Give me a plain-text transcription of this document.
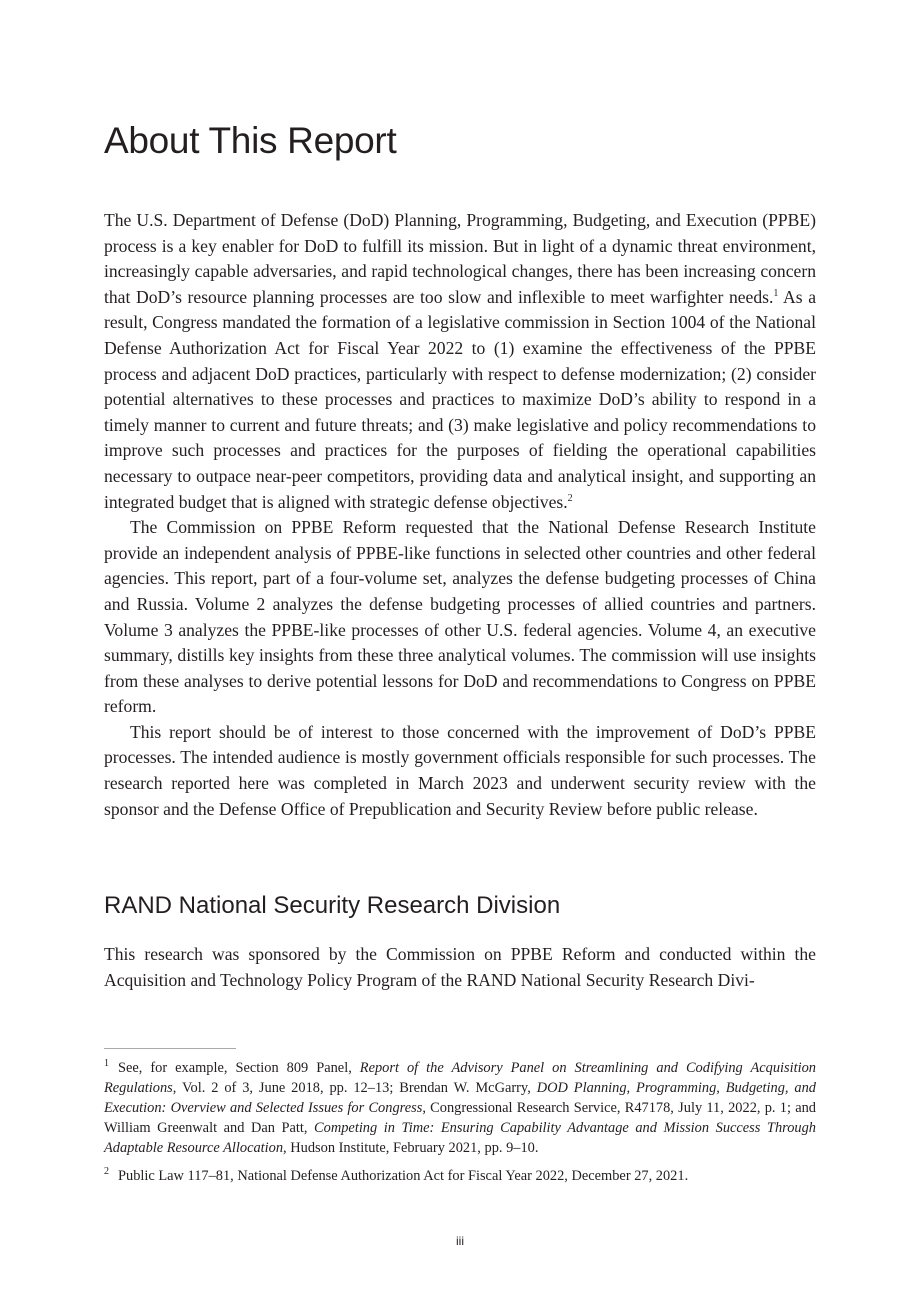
About This Report

The U.S. Department of Defense (DoD) Planning, Programming, Budgeting, and Execution (PPBE) process is a key enabler for DoD to fulfill its mission. But in light of a dynamic threat environment, increasingly capable adversaries, and rapid technological changes, there has been increasing concern that DoD’s resource planning processes are too slow and inflexible to meet warfighter needs.$^1$ As a result, Congress mandated the formation of a legislative commission in Section 1004 of the National Defense Authorization Act for Fiscal Year 2022 to (1) examine the effectiveness of the PPBE process and adjacent DoD practices, particularly with respect to defense modernization; (2) consider potential alternatives to these processes and practices to maximize DoD’s ability to respond in a timely manner to current and future threats; and (3) make legislative and policy recommendations to improve such processes and practices for the purposes of fielding the operational capabilities necessary to outpace near-peer competitors, providing data and analytical insight, and supporting an integrated budget that is aligned with strategic defense objectives.$^2$

The Commission on PPBE Reform requested that the National Defense Research Institute provide an independent analysis of PPBE-like functions in selected other countries and other federal agencies. This report, part of a four-volume set, analyzes the defense budgeting processes of China and Russia. Volume 2 analyzes the defense budgeting processes of allied countries and partners. Volume 3 analyzes the PPBE-like processes of other U.S. federal agencies. Volume 4, an executive summary, distills key insights from these three analytical volumes. The commission will use insights from these analyses to derive potential lessons for DoD and recommendations to Congress on PPBE reform.

This report should be of interest to those concerned with the improvement of DoD’s PPBE processes. The intended audience is mostly government officials responsible for such processes. The research reported here was completed in March 2023 and underwent security review with the sponsor and the Defense Office of Prepublication and Security Review before public release.

RAND National Security Research Division

This research was sponsored by the Commission on PPBE Reform and conducted within the Acquisition and Technology Policy Program of the RAND National Security Research Divi-

$^1$ See, for example, Section 809 Panel, Report of the Advisory Panel on Streamlining and Codifying Acquisition Regulations, Vol. 2 of 3, June 2018, pp. 12–13; Brendan W. McGarry, DOD Planning, Programming, Budgeting, and Execution: Overview and Selected Issues for Congress, Congressional Research Service, R47178, July 11, 2022, p. 1; and William Greenwalt and Dan Patt, Competing in Time: Ensuring Capability Advantage and Mission Success Through Adaptable Resource Allocation, Hudson Institute, February 2021, pp. 9–10.

$^2$ Public Law 117–81, National Defense Authorization Act for Fiscal Year 2022, December 27, 2021.

iii
